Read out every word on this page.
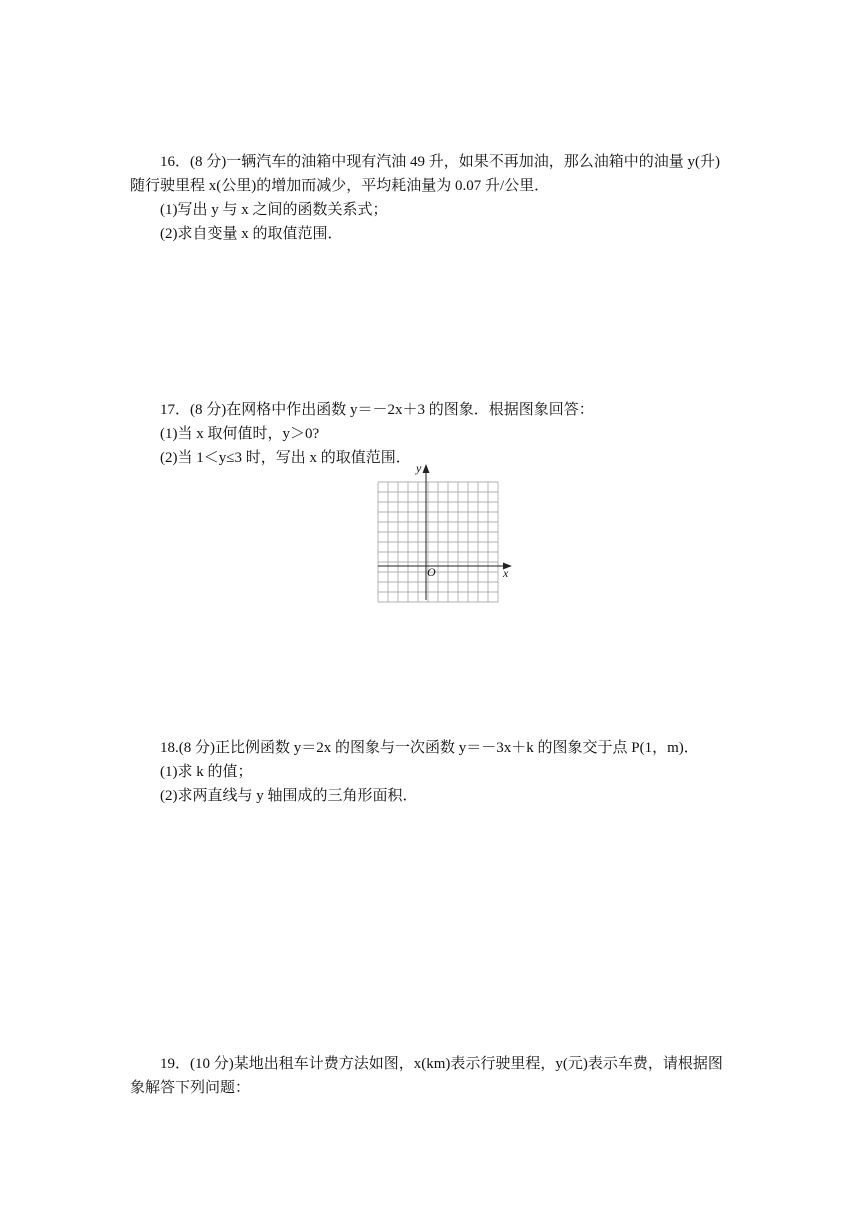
16．(8 分)一辆汽车的油箱中现有汽油 49 升，如果不再加油，那么油箱中的油量 y(升)
随行驶里程 x(公里)的增加而减少，平均耗油量为 0.07 升/公里．
(1)写出 y 与 x 之间的函数关系式；
(2)求自变量 x 的取值范围．
17．(8 分)在网格中作出函数 y＝－2x＋3 的图象．根据图象回答：
(1)当 x 取何值时，y＞0?
(2)当 1＜y≤3 时，写出 x 的取值范围．
y
x
O
18.(8 分)正比例函数 y＝2x 的图象与一次函数 y＝－3x＋k 的图象交于点 P(1，m)．
(1)求 k 的值；
(2)求两直线与 y 轴围成的三角形面积．
19．(10 分)某地出租车计费方法如图，x(km)表示行驶里程，y(元)表示车费，请根据图
象解答下列问题：
